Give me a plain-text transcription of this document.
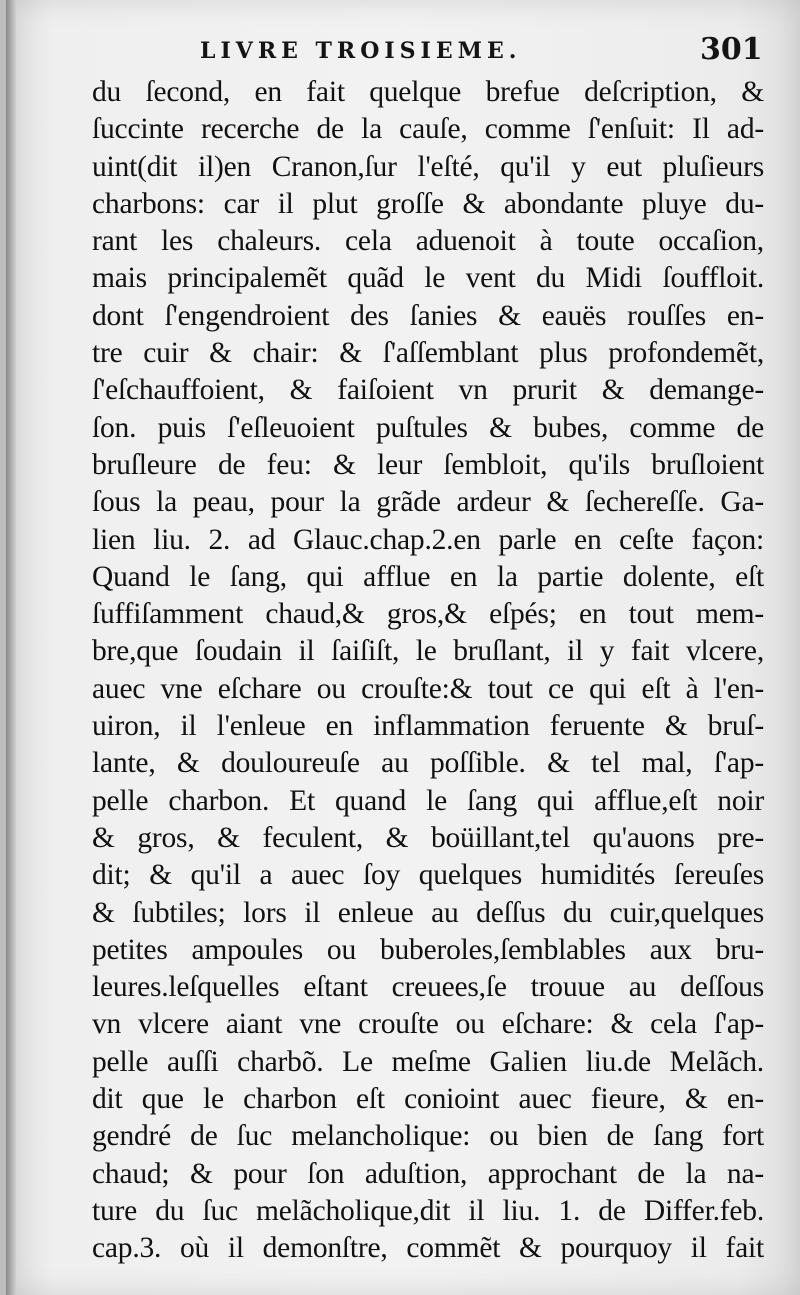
LIVRE TROISIEME.	301
du ſecond, en fait quelque brefue deſcription, &
ſuccinte recerche de la cauſe, comme ſ'enſuit: Il ad-
uint(dit il)en Cranon,ſur l'eſté, qu'il y eut pluſieurs
charbons: car il plut groſſe & abondante pluye du-
rant les chaleurs. cela aduenoit à toute occaſion,
mais principalemẽt quãd le vent du Midi ſouffloit.
dont ſ'engendroient des ſanies & eauës rouſſes en-
tre cuir & chair: & ſ'aſſemblant plus profondemẽt,
ſ'eſchauffoient, & faiſoient vn prurit & demange-
ſon. puis ſ'eſleuoient puſtules & bubes, comme de
bruſleure de feu: & leur ſembloit, qu'ils bruſloient
ſous la peau, pour la grãde ardeur & ſechereſſe. Ga-
lien liu. 2. ad Glauc.chap.2.en parle en ceſte façon:
Quand le ſang, qui afflue en la partie dolente, eſt
ſuffiſamment chaud,& gros,& eſpés; en tout mem-
bre,que ſoudain il ſaiſiſt, le bruſlant, il y fait vlcere,
auec vne eſchare ou crouſte:& tout ce qui eſt à l'en-
uiron, il l'enleue en inflammation feruente & bruſ-
lante, & douloureuſe au poſſible. & tel mal, ſ'ap-
pelle charbon. Et quand le ſang qui afflue,eſt noir
& gros, & feculent, & boüillant,tel qu'auons pre-
dit; & qu'il a auec ſoy quelques humidités ſereuſes
& ſubtiles; lors il enleue au deſſus du cuir,quelques
petites ampoules ou buberoles,ſemblables aux bru-
leures.leſquelles eſtant creuees,ſe trouue au deſſous
vn vlcere aiant vne crouſte ou eſchare: & cela ſ'ap-
pelle auſſi charbõ. Le meſme Galien liu.de Melãch.
dit que le charbon eſt conioint auec fieure, & en-
gendré de ſuc melancholique: ou bien de ſang fort
chaud; & pour ſon aduſtion, approchant de la na-
ture du ſuc melãcholique,dit il liu. 1. de Differ.feb.
cap.3. où il demonſtre, commẽt & pourquoy il fait
